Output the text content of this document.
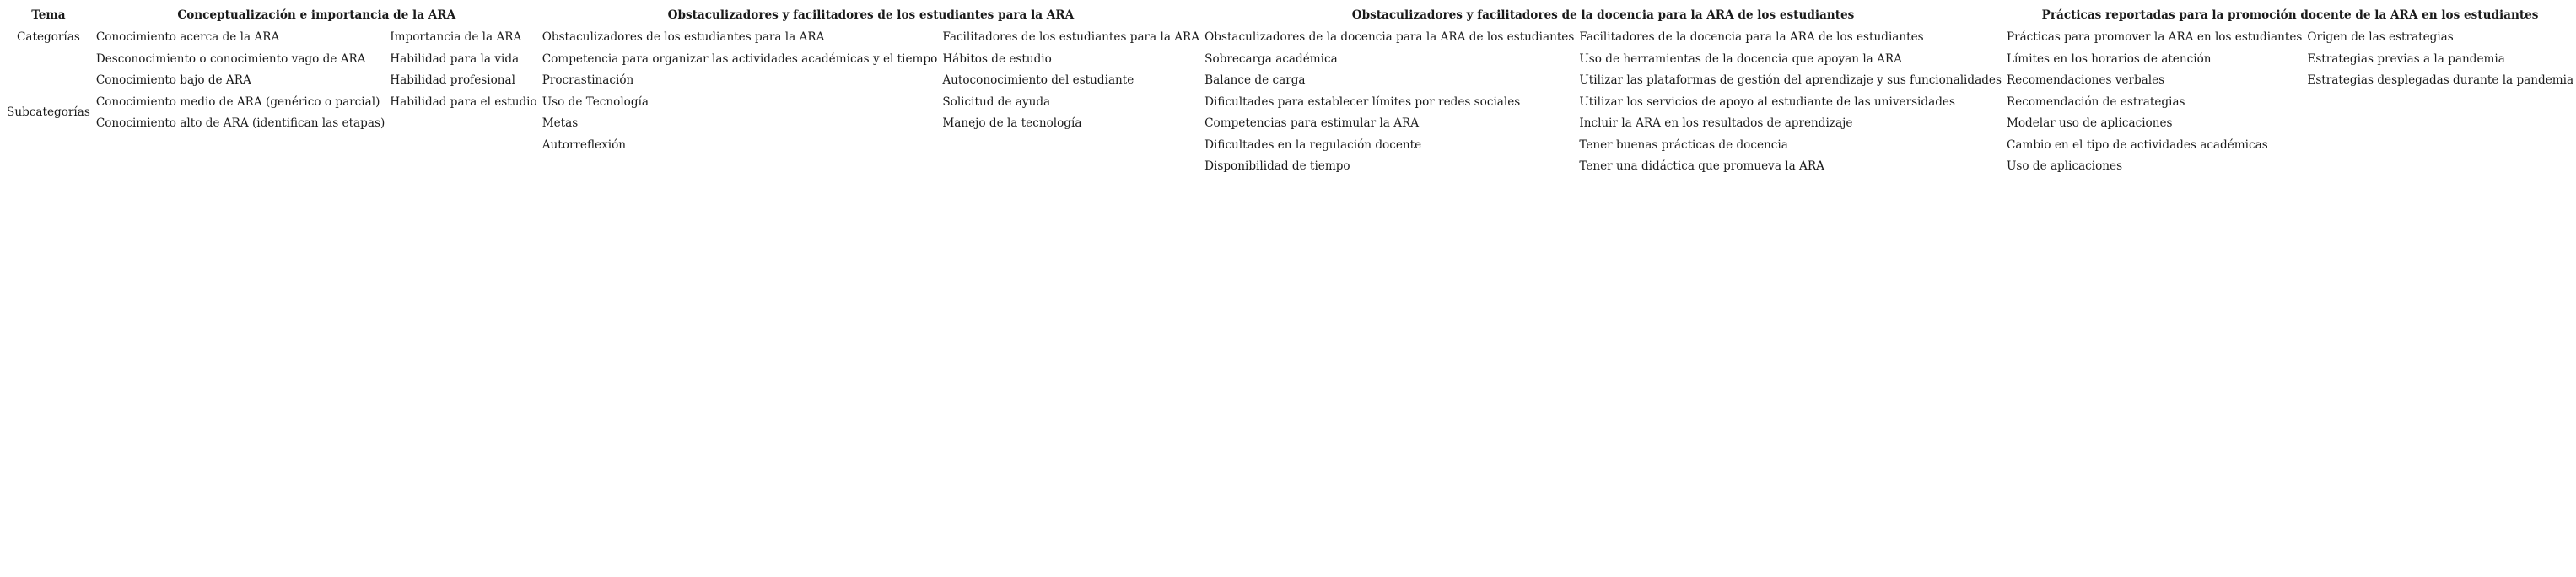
Tema	Conceptualización e importancia de la ARA		Obstaculizadores y facilitadores de los estudiantes para la ARA		Obstaculizadores y facilitadores de la docencia para la ARA de los estudiantes		Prácticas reportadas para la promoción docente de la ARA en los estudiantes	
Categorías	Conocimiento acerca de la ARA	Importancia de la ARA	Obstaculizadores de los estudiantes para la ARA	Facilitadores de los estudiantes para la ARA	Obstaculizadores de la docencia para la ARA de los estudiantes	Facilitadores de la docencia para la ARA de los estudiantes	Prácticas para promover la ARA en los estudiantes	Origen de las estrategias
Subcategorías	Desconocimiento o conocimiento vago de ARA	Habilidad para la vida	Competencia para organizar las actividades académicas y el tiempo	Hábitos de estudio	Sobrecarga académica	Uso de herramientas de la docencia que apoyan la ARA	Límites en los horarios de atención	Estrategias previas a la pandemia
	Conocimiento bajo de ARA	Habilidad profesional	Procrastinación	Autoconocimiento del estudiante	Balance de carga	Utilizar las plataformas de gestión del aprendizaje y sus funcionalidades	Recomendaciones verbales	Estrategias desplegadas durante la pandemia
	Conocimiento medio de ARA (genérico o parcial)	Habilidad para el estudio	Uso de Tecnología	Solicitud de ayuda	Dificultades para establecer límites por redes sociales	Utilizar los servicios de apoyo al estudiante de las universidades	Recomendación de estrategias	
	Conocimiento alto de ARA (identifican las etapas)		Metas	Manejo de la tecnología	Competencias para estimular la ARA	Incluir la ARA en los resultados de aprendizaje	Modelar uso de aplicaciones	
			Autorreflexión		Dificultades en la regulación docente	Tener buenas prácticas de docencia	Cambio en el tipo de actividades académicas	
					Disponibilidad de tiempo	Tener una didáctica que promueva la ARA	Uso de aplicaciones	
